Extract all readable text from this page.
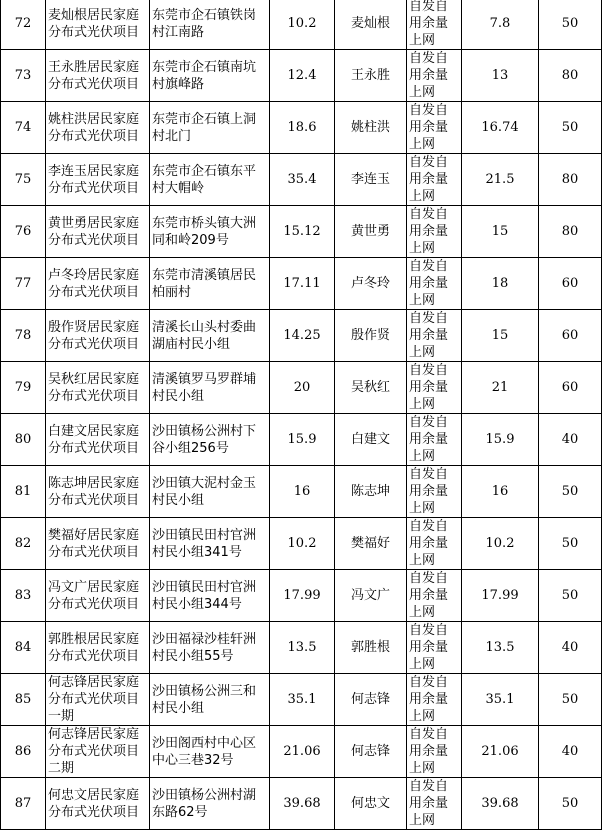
72	麦灿根居民家庭分布式光伏项目	东莞市企石镇铁岗村江南路	10.2	麦灿根	自发自用余量上网	7.8	50
73	王永胜居民家庭分布式光伏项目	东莞市企石镇南坑村旗峰路	12.4	王永胜	自发自用余量上网	13	80
74	姚柱洪居民家庭分布式光伏项目	东莞市企石镇上洞村北门	18.6	姚柱洪	自发自用余量上网	16.74	50
75	李连玉居民家庭分布式光伏项目	东莞市企石镇东平村大帽岭	35.4	李连玉	自发自用余量上网	21.5	80
76	黄世勇居民家庭分布式光伏项目	东莞市桥头镇大洲同和岭209号	15.12	黄世勇	自发自用余量上网	15	80
77	卢冬玲居民家庭分布式光伏项目	东莞市清溪镇居民柏丽村	17.11	卢冬玲	自发自用余量上网	18	60
78	殷作贤居民家庭分布式光伏项目	清溪长山头村委曲湖庙村民小组	14.25	殷作贤	自发自用余量上网	15	60
79	吴秋红居民家庭分布式光伏项目	清溪镇罗马罗群埔村民小组	20	吴秋红	自发自用余量上网	21	60
80	白建文居民家庭分布式光伏项目	沙田镇杨公洲村下谷小组256号	15.9	白建文	自发自用余量上网	15.9	40
81	陈志坤居民家庭分布式光伏项目	沙田镇大泥村金玉村民小组	16	陈志坤	自发自用余量上网	16	50
82	樊福好居民家庭分布式光伏项目	沙田镇民田村官洲村民小组341号	10.2	樊福好	自发自用余量上网	10.2	50
83	冯文广居民家庭分布式光伏项目	沙田镇民田村官洲村民小组344号	17.99	冯文广	自发自用余量上网	17.99	50
84	郭胜根居民家庭分布式光伏项目	沙田福禄沙桂轩洲村民小组55号	13.5	郭胜根	自发自用余量上网	13.5	40
85	何志锋居民家庭分布式光伏项目一期	沙田镇杨公洲三和村民小组	35.1	何志锋	自发自用余量上网	35.1	50
86	何志锋居民家庭分布式光伏项目二期	沙田阁西村中心区中心三巷32号	21.06	何志锋	自发自用余量上网	21.06	40
87	何忠文居民家庭分布式光伏项目	沙田镇杨公洲村湖东路62号	39.68	何忠文	自发自用余量上网	39.68	50
